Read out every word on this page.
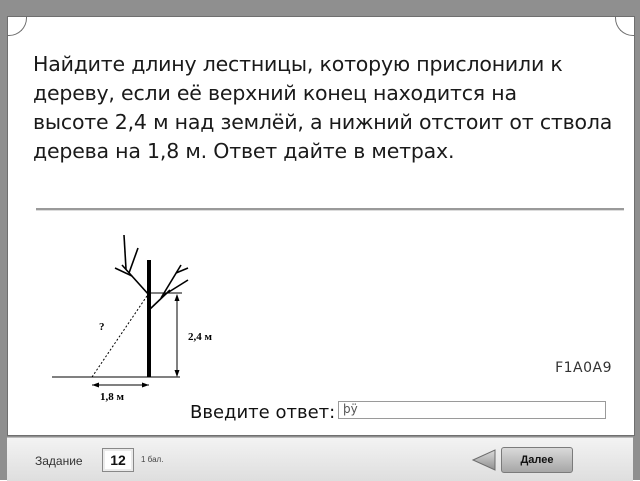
Найдите длину лестницы, которую прислонили к
дереву, если её верхний конец находится на
высоте 2,4 м над землёй, а нижний отстоит от ствола
дерева на 1,8 м. Ответ дайте в метрах.
2,4 м
1,8 м
?
F1A0A9
Введите ответ: þÿ
Задание	12	1 бал.	Далее
